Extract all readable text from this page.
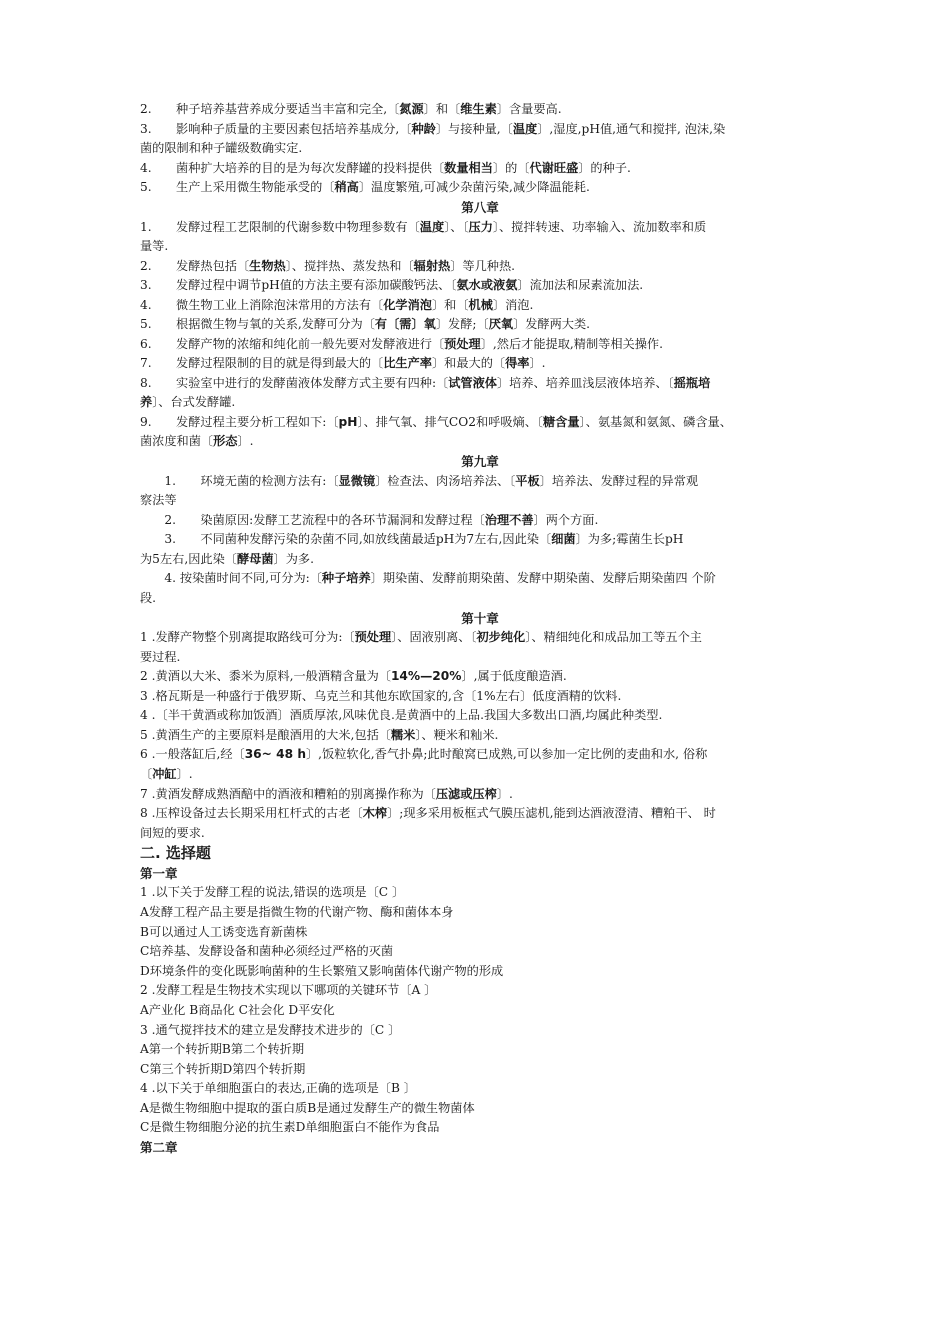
2.　　种子培养基营养成分要适当丰富和完全,〔氮源〕和〔维生素〕含量要高.
3.　　影响种子质量的主要因素包括培养基成分,〔种龄〕与接种量,〔温度〕,湿度,pH值,通气和搅拌, 泡沫,染
菌的限制和种子罐级数确实定.
4.　　菌种扩大培养的目的是为每次发酵罐的投料提供〔数量相当〕的〔代谢旺盛〕的种子.
5.　　生产上采用微生物能承受的〔稍高〕温度繁殖,可减少杂菌污染,减少降温能耗.
第八章
1.　　发酵过程工艺限制的代谢参数中物理参数有〔温度〕、〔压力〕、搅拌转速、功率输入、流加数率和质
量等.
2.　　发酵热包括〔生物热〕、搅拌热、蒸发热和〔辐射热〕等几种热.
3.　　发酵过程中调节pH值的方法主要有添加碳酸钙法、〔氨水或液氨〕流加法和尿素流加法.
4.　　微生物工业上消除泡沫常用的方法有〔化学消泡〕和〔机械〕消泡.
5.　　根据微生物与氧的关系,发酵可分为〔有〔需〕氧〕发酵;〔厌氧〕发酵两大类.
6.　　发酵产物的浓缩和纯化前一般先要对发酵液进行〔预处理〕,然后才能提取,精制等相关操作.
7.　　发酵过程限制的目的就是得到最大的〔比生产率〕和最大的〔得率〕.
8.　　实验室中进行的发酵菌液体发酵方式主要有四种:〔试管液体〕培养、培养皿浅层液体培养、〔摇瓶培
养〕、台式发酵罐.
9.　　发酵过程主要分析工程如下:〔pH〕、排气氧、排气CO2和呼吸熵、〔糖含量〕、氨基氮和氨氮、磷含量、
菌浓度和菌〔形态〕.
第九章
　　1.　　环境无菌的检测方法有:〔显微镜〕检查法、肉汤培养法、〔平板〕培养法、发酵过程的异常观
察法等
　　2.　　染菌原因:发酵工艺流程中的各环节漏洞和发酵过程〔治理不善〕两个方面.
　　3.　　不同菌种发酵污染的杂菌不同,如放线菌最适pH为7左右,因此染〔细菌〕为多;霉菌生长pH
为5左右,因此染〔酵母菌〕为多.
　　4. 按染菌时间不同,可分为:〔种子培养〕期染菌、发酵前期染菌、发酵中期染菌、发酵后期染菌四 个阶
段.
第十章
1 .发酵产物整个别离提取路线可分为:〔预处理〕、固液别离、〔初步纯化〕、精细纯化和成品加工等五个主
要过程.
2 .黄酒以大米、黍米为原料,一般酒精含量为〔14%—20%〕,属于低度酿造酒.
3 .格瓦斯是一种盛行于俄罗斯、乌克兰和其他东欧国家的,含〔1%左右〕低度酒精的饮料.
4 .〔半干黄酒或称加饭酒〕酒质厚浓,风味优良.是黄酒中的上品.我国大多数出口酒,均属此种类型.
5 .黄酒生产的主要原料是酿酒用的大米,包括〔糯米〕、粳米和籼米.
6 .一般落缸后,经〔36~ 48 h〕,饭粒软化,香气扑鼻;此时酿窝已成熟,可以参加一定比例的麦曲和水, 俗称
〔冲缸〕.
7 .黄酒发酵成熟酒醅中的酒液和糟粕的别离操作称为〔压滤或压榨〕.
8 .压榨设备过去长期采用杠杆式的古老〔木榨〕;现多采用板框式气膜压滤机,能到达酒液澄清、糟粕干、 时
间短的要求.
二. 选择题
第一章
1 .以下关于发酵工程的说法,错误的选项是〔C 〕
A发酵工程产品主要是指微生物的代谢产物、酶和菌体本身
B可以通过人工诱变选育新菌株
C培养基、发酵设备和菌种必须经过严格的灭菌
D环境条件的变化既影响菌种的生长繁殖又影响菌体代谢产物的形成
2 .发酵工程是生物技术实现以下哪项的关键环节〔A 〕
A产业化 B商品化 C社会化 D平安化
3 .通气搅拌技术的建立是发酵技术进步的〔C 〕
A第一个转折期B第二个转折期
C第三个转折期D第四个转折期
4 .以下关于单细胞蛋白的表达,正确的选项是〔B 〕
A是微生物细胞中提取的蛋白质B是通过发酵生产的微生物菌体
C是微生物细胞分泌的抗生素D单细胞蛋白不能作为食品
第二章
